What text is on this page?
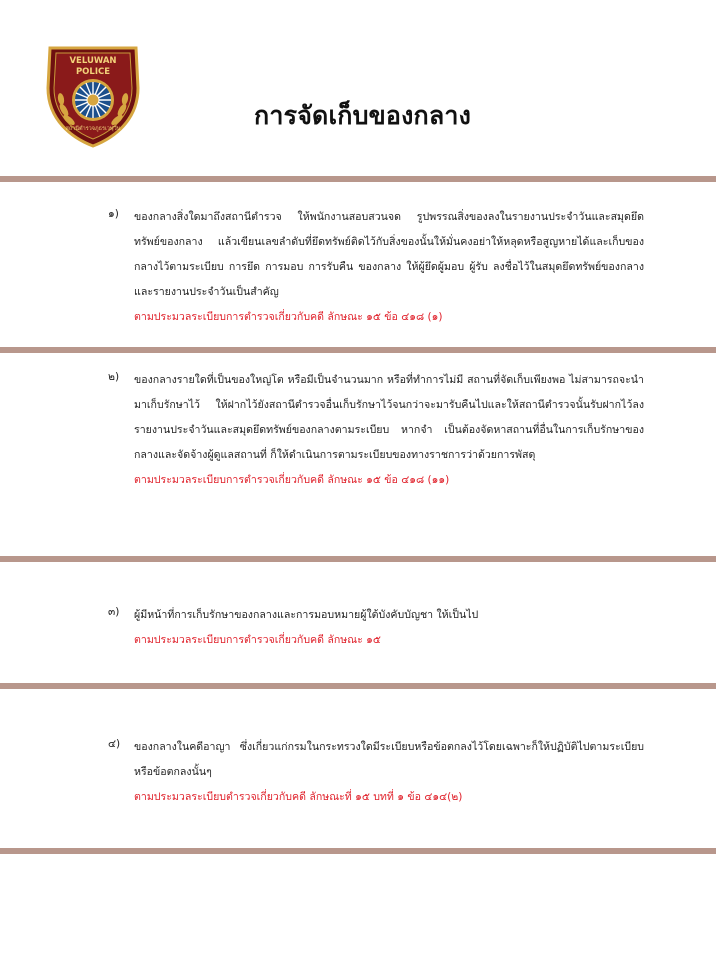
VELUWAN
POLICE
สถานีตำรวจภูธรเวฬุวัน	การจัดเก็บของกลาง
๑)	ของกลางสิ่งใดมาถึงสถานีตำรวจ ให้พนักงานสอบสวนจด รูปพรรณสิ่งของลงในรายงานประจำวันและสมุดยึดทรัพย์ของกลาง แล้วเขียนเลขลำดับที่ยึดทรัพย์ติดไว้กับสิ่งของนั้นให้มั่นคงอย่าให้หลุดหรือสูญหายได้และเก็บของกลางไว้ตามระเบียบ การยึด การมอบ การรับคืน ของกลาง ให้ผู้ยึดผู้มอบ ผู้รับ ลงชื่อไว้ในสมุดยึดทรัพย์ของกลางและรายงานประจำวันเป็นสำคัญ
ตามประมวลระเบียบการตำรวจเกี่ยวกับคดี ลักษณะ ๑๕ ข้อ ๔๑๘ (๑)
๒)	ของกลางรายใดที่เป็นของใหญ่โต หรือมีเป็นจำนวนมาก หรือที่ทำการไม่มี สถานที่จัดเก็บเพียงพอ ไม่สามารถจะนำมาเก็บรักษาไว้ ให้ฝากไว้ยังสถานีตำรวจอื่นเก็บรักษาไว้จนกว่าจะมารับคืนไปและให้สถานีตำรวจนั้นรับฝากไว้ลงรายงานประจำวันและสมุดยึดทรัพย์ของกลางตามระเบียบ หากจำ เป็นต้องจัดหาสถานที่อื่นในการเก็บรักษาของกลางและจัดจ้างผู้ดูแลสถานที่ ก็ให้ดำเนินการตามระเบียบของทางราชการว่าด้วยการพัสดุ
ตามประมวลระเบียบการตำรวจเกี่ยวกับคดี ลักษณะ ๑๕ ข้อ ๔๑๘ (๑๑)
๓)	ผู้มีหน้าที่การเก็บรักษาของกลางและการมอบหมายผู้ใต้บังคับบัญชา ให้เป็นไป
ตามประมวลระเบียบการตำรวจเกี่ยวกับคดี ลักษณะ ๑๕
๔)	ของกลางในคดีอาญา ซึ่งเกี่ยวแก่กรมในกระทรวงใดมีระเบียบหรือข้อตกลงไว้โดยเฉพาะก็ให้ปฏิบัติไปตามระเบียบหรือข้อตกลงนั้นๆ
ตามประมวลระเบียบตำรวจเกี่ยวกับคดี ลักษณะที่ ๑๕ บทที่ ๑ ข้อ ๔๑๔(๒)
